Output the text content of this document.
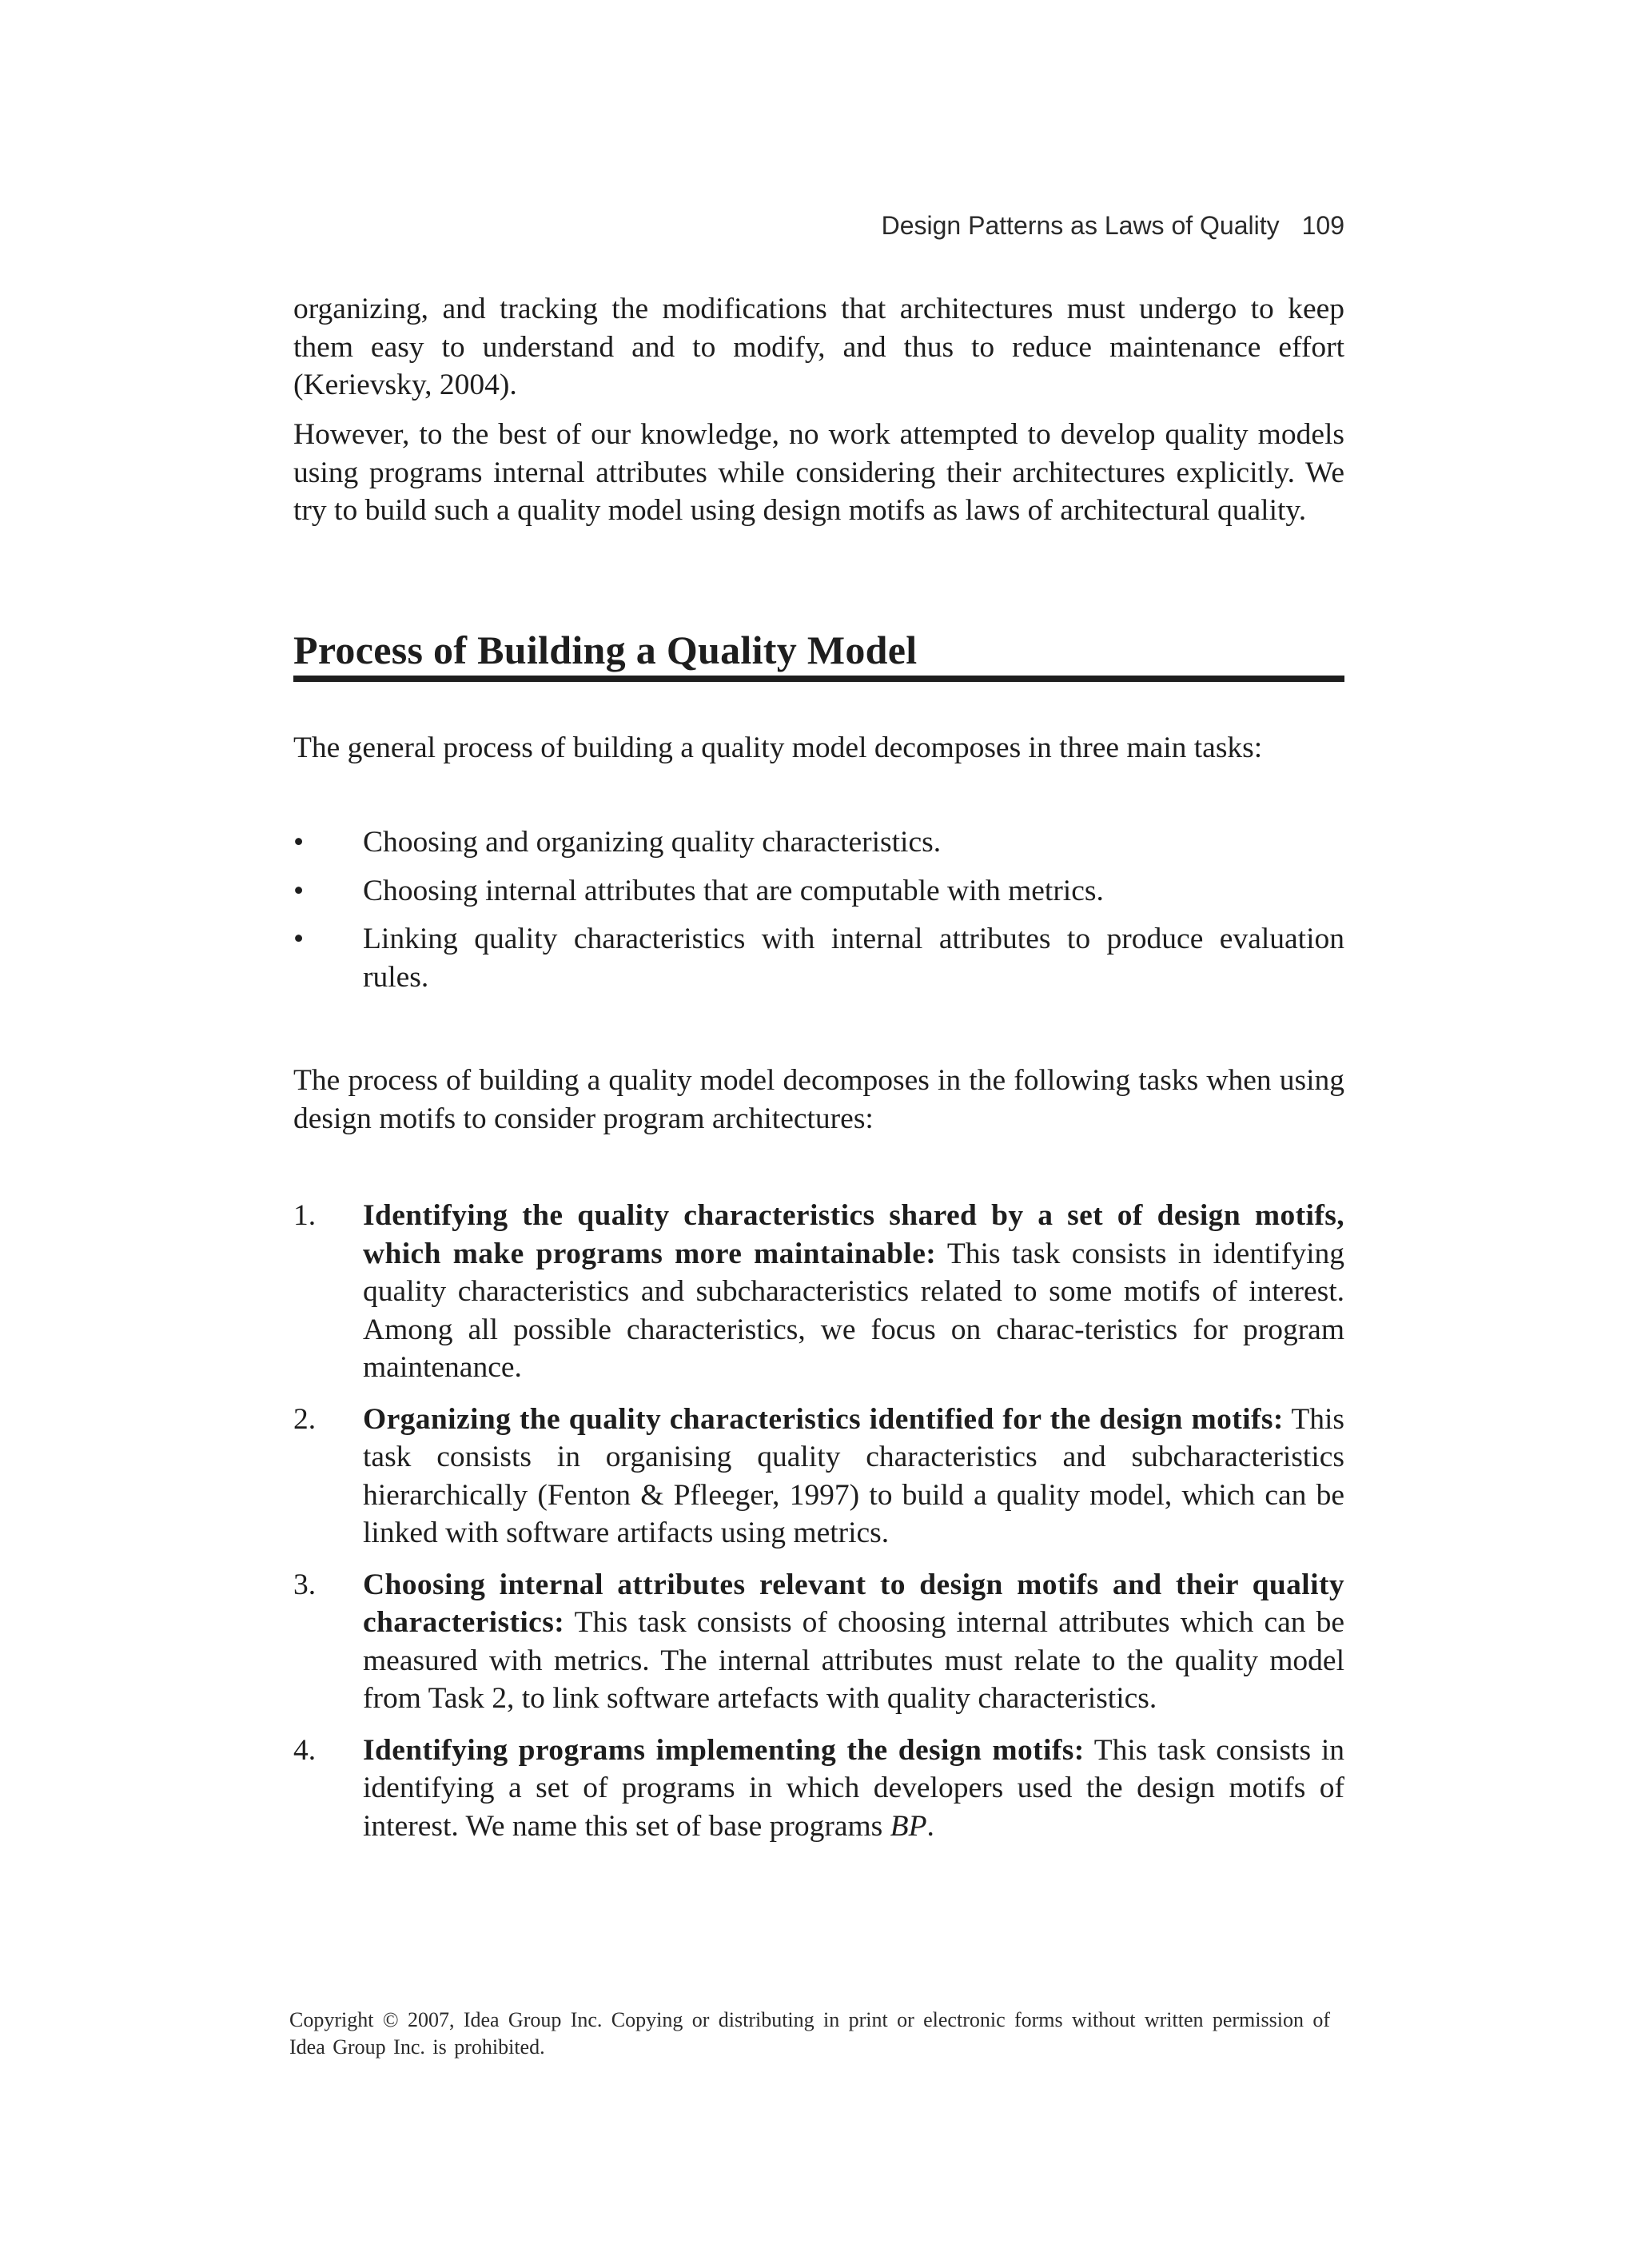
Design Patterns as Laws of Quality 109

organizing, and tracking the modifications that architectures must undergo to keep them easy to understand and to modify, and thus to reduce maintenance effort (Kerievsky, 2004).

However, to the best of our knowledge, no work attempted to develop quality models using programs internal attributes while considering their architectures explicitly. We try to build such a quality model using design motifs as laws of architectural quality.

Process of Building a Quality Model

The general process of building a quality model decomposes in three main tasks:

• Choosing and organizing quality characteristics.
• Choosing internal attributes that are computable with metrics.
• Linking quality characteristics with internal attributes to produce evaluation rules.

The process of building a quality model decomposes in the following tasks when using design motifs to consider program architectures:

1. Identifying the quality characteristics shared by a set of design motifs, which make programs more maintainable: This task consists in identifying quality characteristics and subcharacteristics related to some motifs of interest. Among all possible characteristics, we focus on charac-teristics for program maintenance.
2. Organizing the quality characteristics identified for the design motifs: This task consists in organising quality characteristics and subcharacteristics hierarchically (Fenton & Pfleeger, 1997) to build a quality model, which can be linked with software artifacts using metrics.
3. Choosing internal attributes relevant to design motifs and their quality characteristics: This task consists of choosing internal attributes which can be measured with metrics. The internal attributes must relate to the quality model from Task 2, to link software artefacts with quality characteristics.
4. Identifying programs implementing the design motifs: This task consists in identifying a set of programs in which developers used the design motifs of interest. We name this set of base programs BP.
Copyright © 2007, Idea Group Inc. Copying or distributing in print or electronic forms without written permission of Idea Group Inc. is prohibited.
